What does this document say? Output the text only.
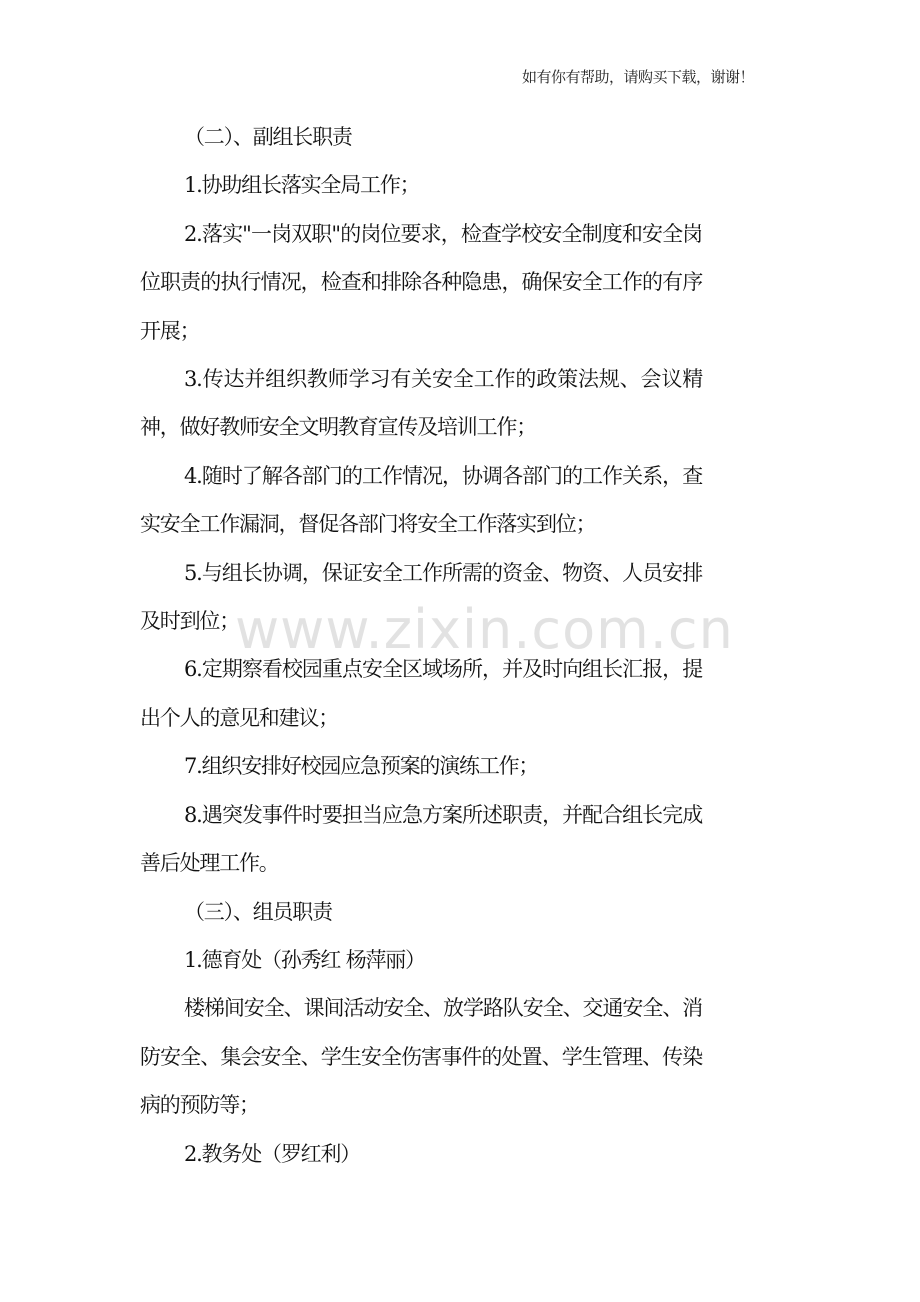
如有你有帮助，请购买下载，谢谢！

（二）、副组长职责

1.协助组长落实全局工作；

2.落实"一岗双职"的岗位要求，检查学校安全制度和安全岗位职责的执行情况，检查和排除各种隐患，确保安全工作的有序开展；

3.传达并组织教师学习有关安全工作的政策法规、会议精神，做好教师安全文明教育宣传及培训工作；

4.随时了解各部门的工作情况，协调各部门的工作关系，查实安全工作漏洞，督促各部门将安全工作落实到位；

5.与组长协调，保证安全工作所需的资金、物资、人员安排及时到位；

6.定期察看校园重点安全区域场所，并及时向组长汇报，提出个人的意见和建议；

7.组织安排好校园应急预案的演练工作；

8.遇突发事件时要担当应急方案所述职责，并配合组长完成善后处理工作。

（三）、组员职责

1.德育处（孙秀红 杨萍丽）

楼梯间安全、课间活动安全、放学路队安全、交通安全、消防安全、集会安全、学生安全伤害事件的处置、学生管理、传染病的预防等；

2.教务处（罗红利）

www.zixin.com.cn
